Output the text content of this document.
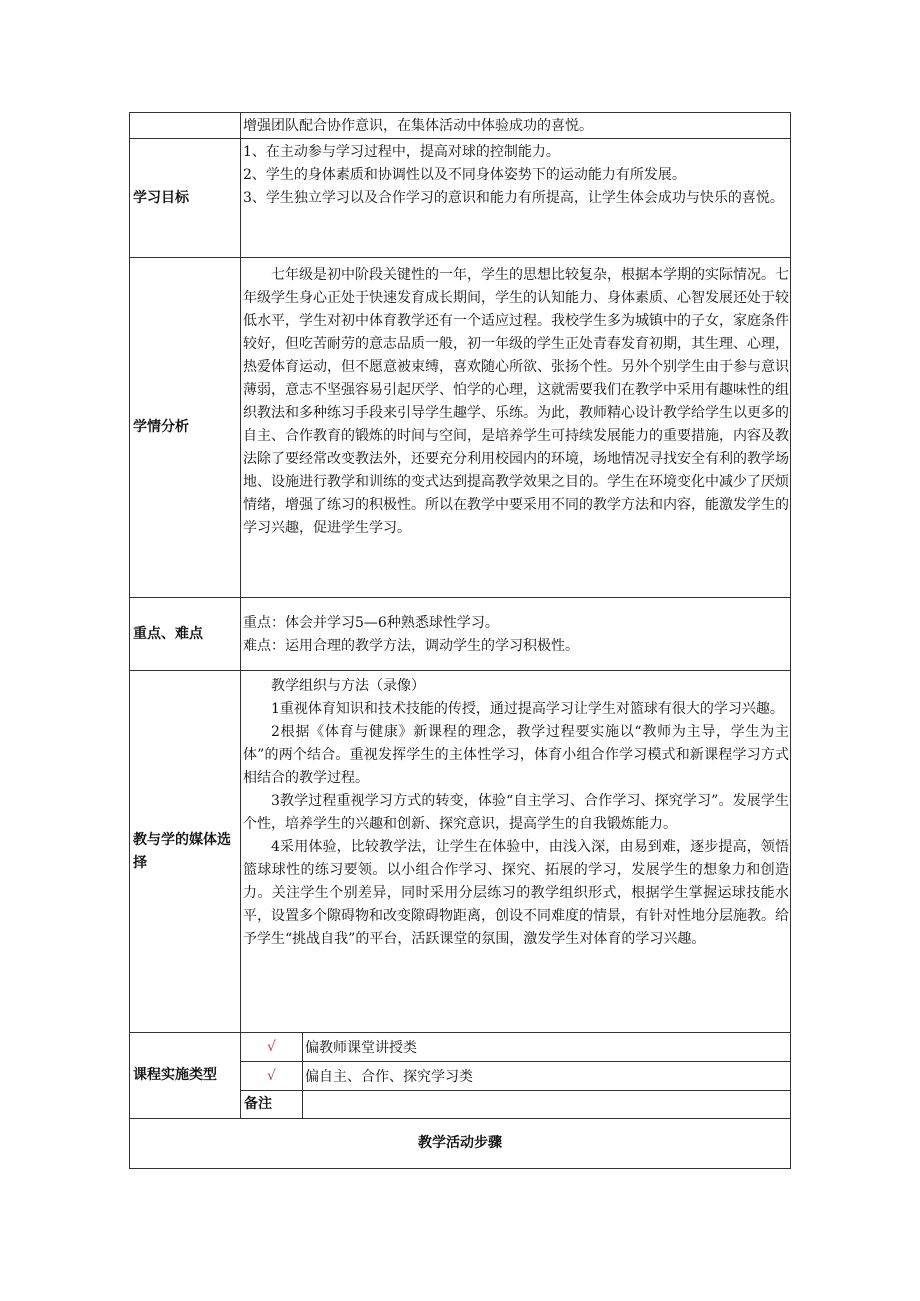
	增强团队配合协作意识，在集体活动中体验成功的喜悦。	
学习目标	1、在主动参与学习过程中，提高对球的控制能力。

2、学生的身体素质和协调性以及不同身体姿势下的运动能力有所发展。

3、学生独立学习以及合作学习的意识和能力有所提高，让学生体会成功与快乐的喜悦。	

学情分析	七年级是初中阶段关键性的一年，学生的思想比较复杂，根据本学期的实际情况。七年级学生身心正处于快速发育成长期间，学生的认知能力、身体素质、心智发展还处于较低水平，学生对初中体育教学还有一个适应过程。我校学生多为城镇中的子女，家庭条件较好，但吃苦耐劳的意志品质一般，初一年级的学生正处青春发育初期，其生理、心理，热爱体育运动，但不愿意被束缚，喜欢随心所欲、张扬个性。另外个别学生由于参与意识薄弱，意志不坚强容易引起厌学、怕学的心理，这就需要我们在教学中采用有趣味性的组织教法和多种练习手段来引导学生趣学、乐练。为此，教师精心设计教学给学生以更多的自主、合作教育的锻炼的时间与空间，是培养学生可持续发展能力的重要措施，内容及教法除了要经常改变教法外，还要充分利用校园内的环境，场地情况寻找安全有利的教学场地、设施进行教学和训练的变式达到提高教学效果之目的。学生在环境变化中减少了厌烦情绪，增强了练习的积极性。所以在教学中要采用不同的教学方法和内容，能激发学生的学习兴趣，促进学生学习。	

重点、难点	重点：体会并学习5—6种熟悉球性学习。

难点：运用合理的教学方法，调动学生的学习积极性。	

教与学的媒体选择	教学组织与方法（录像）

1重视体育知识和技术技能的传授，通过提高学习让学生对篮球有很大的学习兴趣。

2根据《体育与健康》新课程的理念，教学过程要实施以“教师为主导，学生为主体”的两个结合。重视发挥学生的主体性学习，体育小组合作学习模式和新课程学习方式相结合的教学过程。

3教学过程重视学习方式的转变，体验“自主学习、合作学习、探究学习”。发展学生个性，培养学生的兴趣和创新、探究意识，提高学生的自我锻炼能力。

4采用体验，比较教学法，让学生在体验中，由浅入深，由易到难，逐步提高，领悟篮球球性的练习要领。以小组合作学习、探究、拓展的学习，发展学生的想象力和创造力。关注学生个别差异，同时采用分层练习的教学组织形式，根据学生掌握运球技能水平，设置多个隙碍物和改变隙碍物距离，创设不同难度的情景，有针对性地分层施教。给予学生“挑战自我”的平台，活跃课堂的氛围，激发学生对体育的学习兴趣。	

课程实施类型	√	偏教师课堂讲授类
	√	偏自主、合作、探究学习类
	备注	
教学活动步骤		
